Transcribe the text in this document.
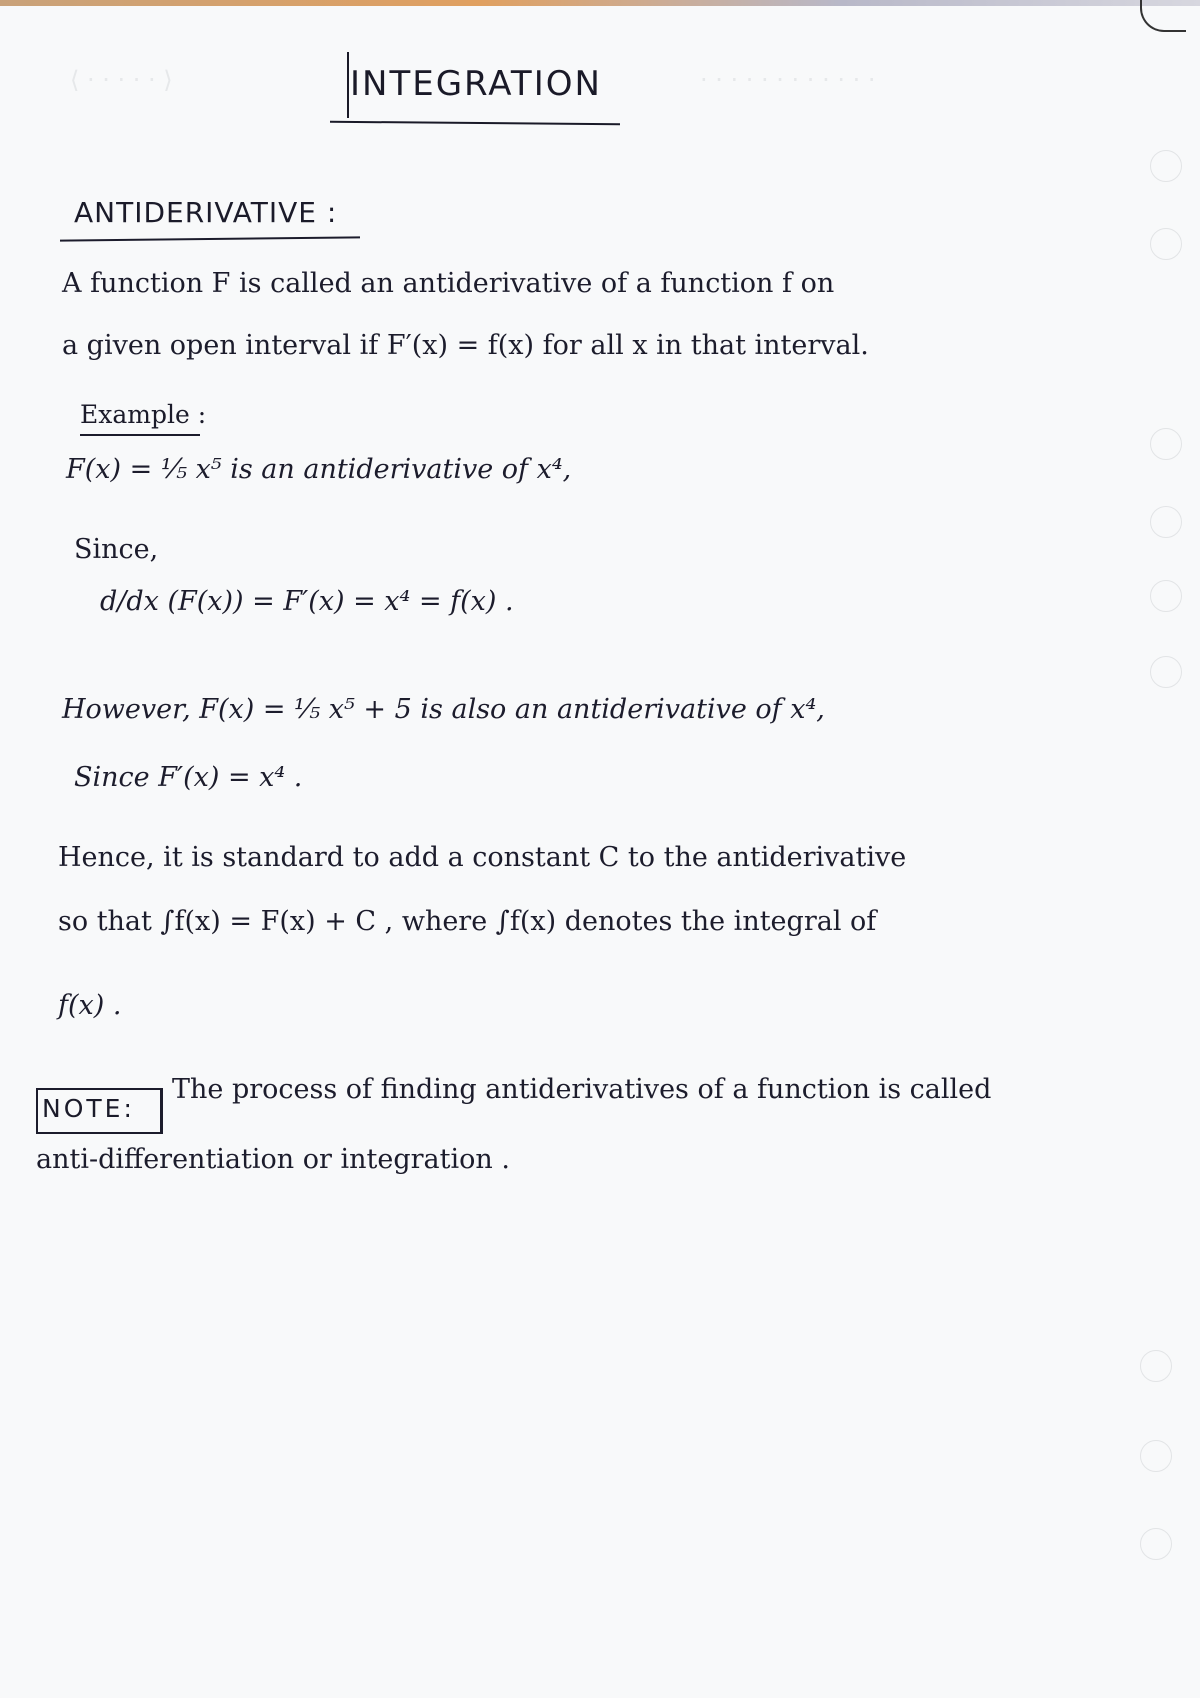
⟨ · · · · · ⟩	· · · · · · · · · · · ·
INTEGRATION
ANTIDERIVATIVE :
A function F is called an antiderivative of a function f on
a given open interval if F′(x) = f(x) for all x in that interval.
Example :
F(x) = ⅕ x⁵ is an antiderivative of x⁴,
Since,
d/dx (F(x)) = F′(x) = x⁴ = f(x) .
However, F(x) = ⅕ x⁵ + 5 is also an antiderivative of x⁴,
Since F′(x) = x⁴ .
Hence, it is standard to add a constant C to the antiderivative
so that ∫f(x) = F(x) + C , where ∫f(x) denotes the integral of
f(x) .
NOTE:
The process of finding antiderivatives of a function is called
anti-differentiation or integration .
